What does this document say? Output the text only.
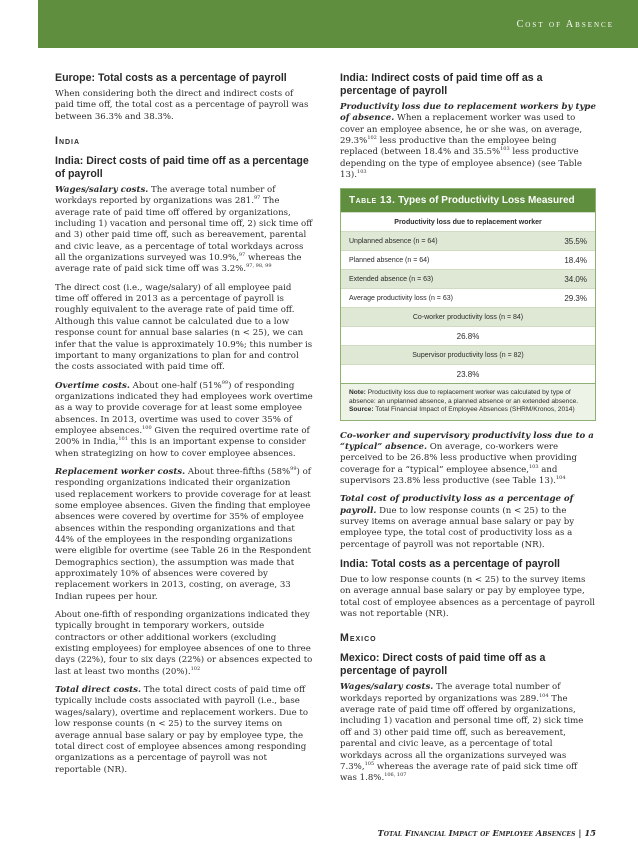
Cost of Absence
Europe: Total costs as a percentage of payroll

When considering both the direct and indirect costs of paid time off, the total cost as a percentage of payroll was between 36.3% and 38.3%.

India
India: Direct costs of paid time off as a percentage of payroll

Wages/salary costs. The average total number of workdays reported by organizations was 281.97 The average rate of paid time off offered by organizations, including 1) vacation and personal time off, 2) sick time off and 3) other paid time off, such as bereavement, parental and civic leave, as a percentage of total workdays across all the organizations surveyed was 10.9%,$^{97}$ whereas the average rate of paid sick time off was 3.2%.$^{97, 98, 99}$

The direct cost (i.e., wage/salary) of all employee paid time off offered in 2013 as a percentage of payroll is roughly equivalent to the average rate of paid time off. Although this value cannot be calculated due to a low response count for annual base salaries (n < 25), we can infer that the value is approximately 10.9%; this number is important to many organizations to plan for and control the costs associated with paid time off.

Overtime costs. About one-half (51%$^{99}$) of responding organizations indicated they had employees work overtime as a way to provide coverage for at least some employee absences. In 2013, overtime was used to cover 35% of employee absences.$^{100}$ Given the required overtime rate of 200% in India,$^{101}$ this is an important expense to consider when strategizing on how to cover employee absences.

Replacement worker costs. About three-fifths (58%$^{99}$) of responding organizations indicated their organization used replacement workers to provide coverage for at least some employee absences. Given the finding that employee absences were covered by overtime for 35% of employee absences within the responding organizations and that 44% of the employees in the responding organizations were eligible for overtime (see Table 26 in the Respondent Demographics section), the assumption was made that approximately 10% of absences were covered by replacement workers in 2013, costing, on average, 33 Indian rupees per hour.

About one-fifth of responding organizations indicated they typically brought in temporary workers, outside contractors or other additional workers (excluding existing employees) for employee absences of one to three days (22%), four to six days (22%) or absences expected to last at least two months (20%).$^{102}$

Total direct costs. The total direct costs of paid time off typically include costs associated with payroll (i.e., base wages/salary), overtime and replacement workers. Due to low response counts (n < 25) to the survey items on average annual base salary or pay by employee type, the total direct cost of employee absences among responding organizations as a percentage of payroll was not reportable (NR).

India: Indirect costs of paid time off as a percentage of payroll

Productivity loss due to replacement workers by type of absence. When a replacement worker was used to cover an employee absence, he or she was, on average, 29.3%$^{102}$ less productive than the employee being replaced (between 18.4% and 35.5%$^{103}$ less productive depending on the type of employee absence) (see Table 13).$^{103}$

Table 13. Types of Productivity Loss Measured
Productivity loss due to replacement worker
Unplanned absence (n = 64)	35.5%
Planned absence (n = 64)	18.4%
Extended absence (n = 63)	34.0%
Average productivity loss (n = 63)	29.3%
Co-worker productivity loss (n = 84)
26.8%
Supervisor productivity loss (n = 82)
23.8%
Note: Productivity loss due to replacement worker was calculated by type of absence: an unplanned absence, a planned absence or an extended absence.
Source: Total Financial Impact of Employee Absences (SHRM/Kronos, 2014)

Co-worker and supervisory productivity loss due to a “typical” absence. On average, co-workers were perceived to be 26.8% less productive when providing coverage for a “typical” employee absence,$^{103}$ and supervisors 23.8% less productive (see Table 13).$^{104}$

Total cost of productivity loss as a percentage of payroll. Due to low response counts (n < 25) to the survey items on average annual base salary or pay by employee type, the total cost of productivity loss as a percentage of payroll was not reportable (NR).

India: Total costs as a percentage of payroll

Due to low response counts (n < 25) to the survey items on average annual base salary or pay by employee type, total cost of employee absences as a percentage of payroll was not reportable (NR).

Mexico
Mexico: Direct costs of paid time off as a percentage of payroll

Wages/salary costs. The average total number of workdays reported by organizations was 289.$^{104}$ The average rate of paid time off offered by organizations, including 1) vacation and personal time off, 2) sick time off and 3) other paid time off, such as bereavement, parental and civic leave, as a percentage of total workdays across all the organizations surveyed was 7.3%,$^{105}$ whereas the average rate of paid sick time off was 1.8%.$^{106, 107}$

Total Financial Impact of Employee Absences | 15
